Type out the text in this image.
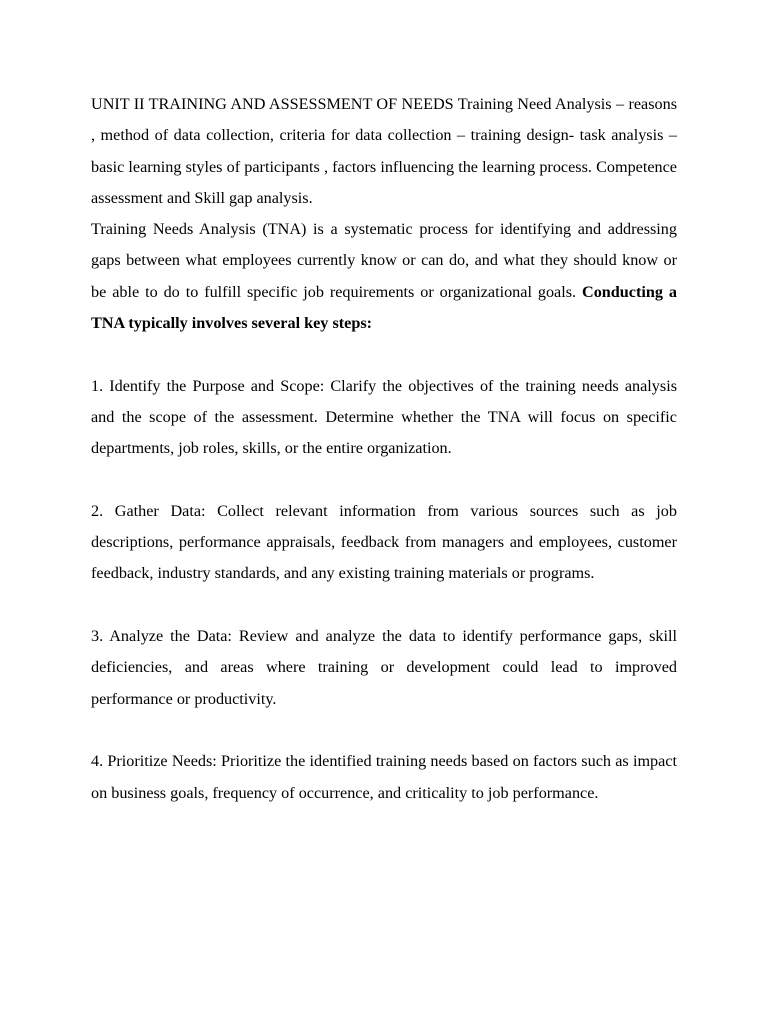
UNIT II TRAINING AND ASSESSMENT OF NEEDS Training Need Analysis – reasons , method of data collection, criteria for data collection – training design- task analysis – basic learning styles of participants , factors influencing the learning process. Competence assessment and Skill gap analysis.

Training Needs Analysis (TNA) is a systematic process for identifying and addressing gaps between what employees currently know or can do, and what they should know or be able to do to fulfill specific job requirements or organizational goals. Conducting a TNA typically involves several key steps:

1. Identify the Purpose and Scope: Clarify the objectives of the training needs analysis and the scope of the assessment. Determine whether the TNA will focus on specific departments, job roles, skills, or the entire organization.

2. Gather Data: Collect relevant information from various sources such as job descriptions, performance appraisals, feedback from managers and employees, customer feedback, industry standards, and any existing training materials or programs.

3. Analyze the Data: Review and analyze the data to identify performance gaps, skill deficiencies, and areas where training or development could lead to improved performance or productivity.

4. Prioritize Needs: Prioritize the identified training needs based on factors such as impact on business goals, frequency of occurrence, and criticality to job performance.
